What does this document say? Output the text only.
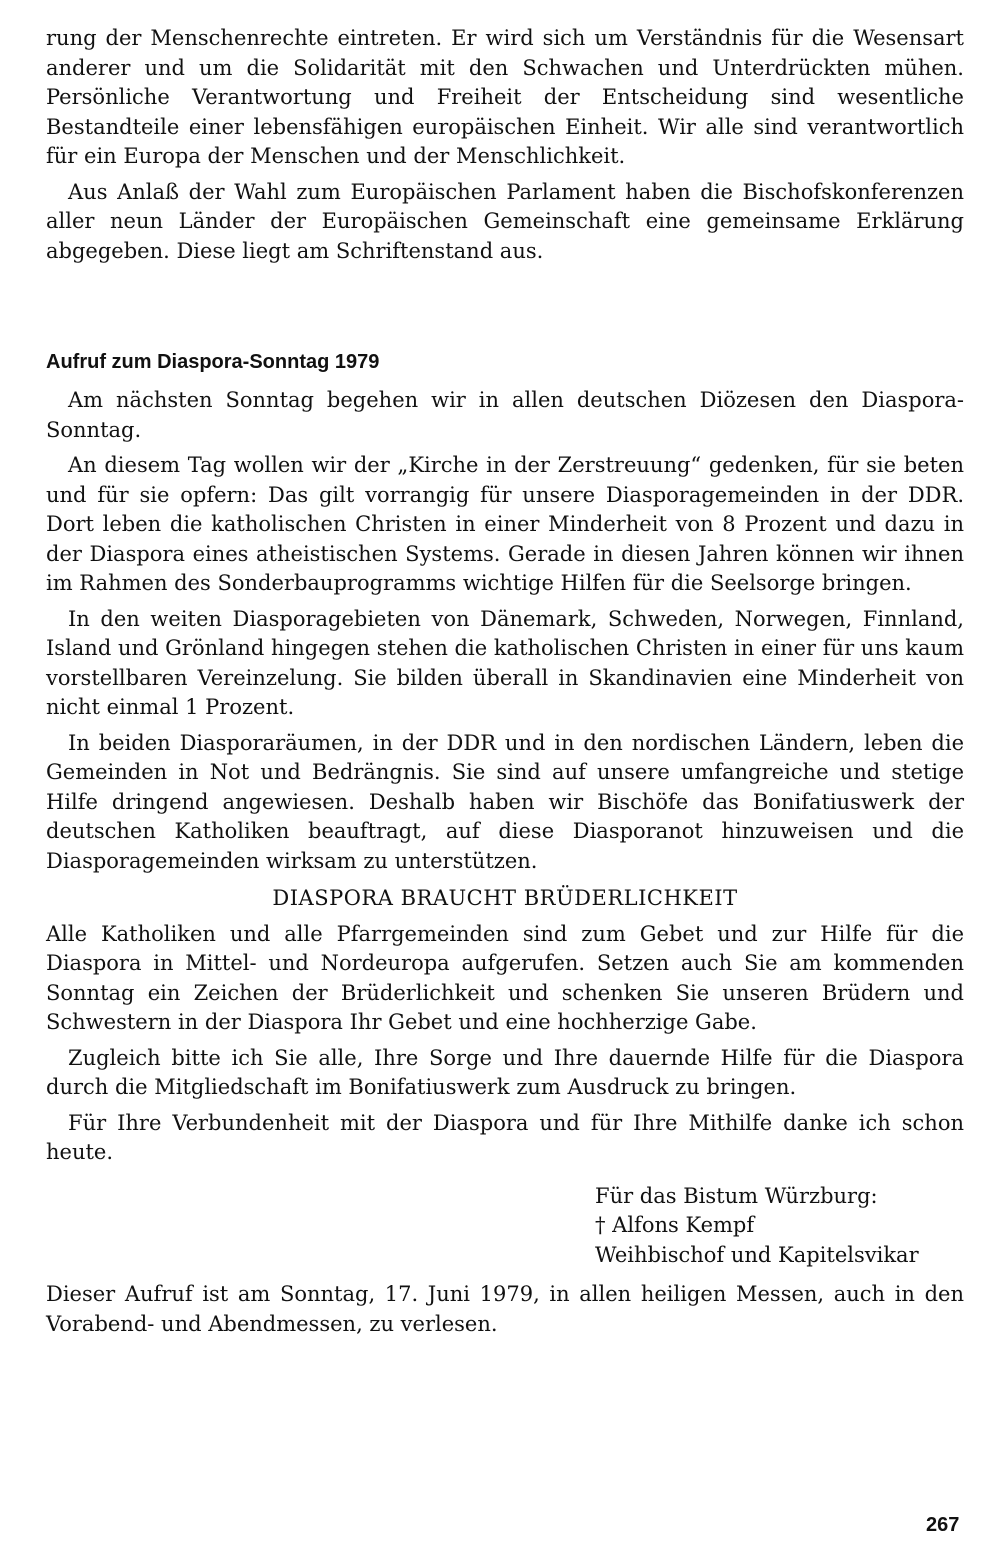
rung der Menschenrechte eintreten. Er wird sich um Verständnis für die Wesensart anderer und um die Solidarität mit den Schwachen und Unterdrückten mühen. Persönliche Verantwortung und Freiheit der Entscheidung sind wesentliche Bestandteile einer lebensfähigen europäischen Einheit. Wir alle sind verantwortlich für ein Europa der Menschen und der Menschlichkeit.

Aus Anlaß der Wahl zum Europäischen Parlament haben die Bischofskonferenzen aller neun Länder der Europäischen Gemeinschaft eine gemeinsame Erklärung abgegeben. Diese liegt am Schriftenstand aus.

Aufruf zum Diaspora-Sonntag 1979

Am nächsten Sonntag begehen wir in allen deutschen Diözesen den Diaspora-Sonntag.

An diesem Tag wollen wir der „Kirche in der Zerstreuung“ gedenken, für sie beten und für sie opfern: Das gilt vorrangig für unsere Diasporagemeinden in der DDR. Dort leben die katholischen Christen in einer Minderheit von 8 Prozent und dazu in der Diaspora eines atheistischen Systems. Gerade in diesen Jahren können wir ihnen im Rahmen des Sonderbauprogramms wichtige Hilfen für die Seelsorge bringen.

In den weiten Diasporagebieten von Dänemark, Schweden, Norwegen, Finnland, Island und Grönland hingegen stehen die katholischen Christen in einer für uns kaum vorstellbaren Vereinzelung. Sie bilden überall in Skandinavien eine Minderheit von nicht einmal 1 Prozent.

In beiden Diasporaräumen, in der DDR und in den nordischen Ländern, leben die Gemeinden in Not und Bedrängnis. Sie sind auf unsere umfangreiche und stetige Hilfe dringend angewiesen. Deshalb haben wir Bischöfe das Bonifatiuswerk der deutschen Katholiken beauftragt, auf diese Diasporanot hinzuweisen und die Diasporagemeinden wirksam zu unterstützen.

DIASPORA BRAUCHT BRÜDERLICHKEIT

Alle Katholiken und alle Pfarrgemeinden sind zum Gebet und zur Hilfe für die Diaspora in Mittel- und Nordeuropa aufgerufen. Setzen auch Sie am kommenden Sonntag ein Zeichen der Brüderlichkeit und schenken Sie unseren Brüdern und Schwestern in der Diaspora Ihr Gebet und eine hochherzige Gabe.

Zugleich bitte ich Sie alle, Ihre Sorge und Ihre dauernde Hilfe für die Diaspora durch die Mitgliedschaft im Bonifatiuswerk zum Ausdruck zu bringen.

Für Ihre Verbundenheit mit der Diaspora und für Ihre Mithilfe danke ich schon heute.

Für das Bistum Würzburg:
† Alfons Kempf
Weihbischof und Kapitelsvikar

Dieser Aufruf ist am Sonntag, 17. Juni 1979, in allen heiligen Messen, auch in den Vorabend- und Abendmessen, zu verlesen.

267
